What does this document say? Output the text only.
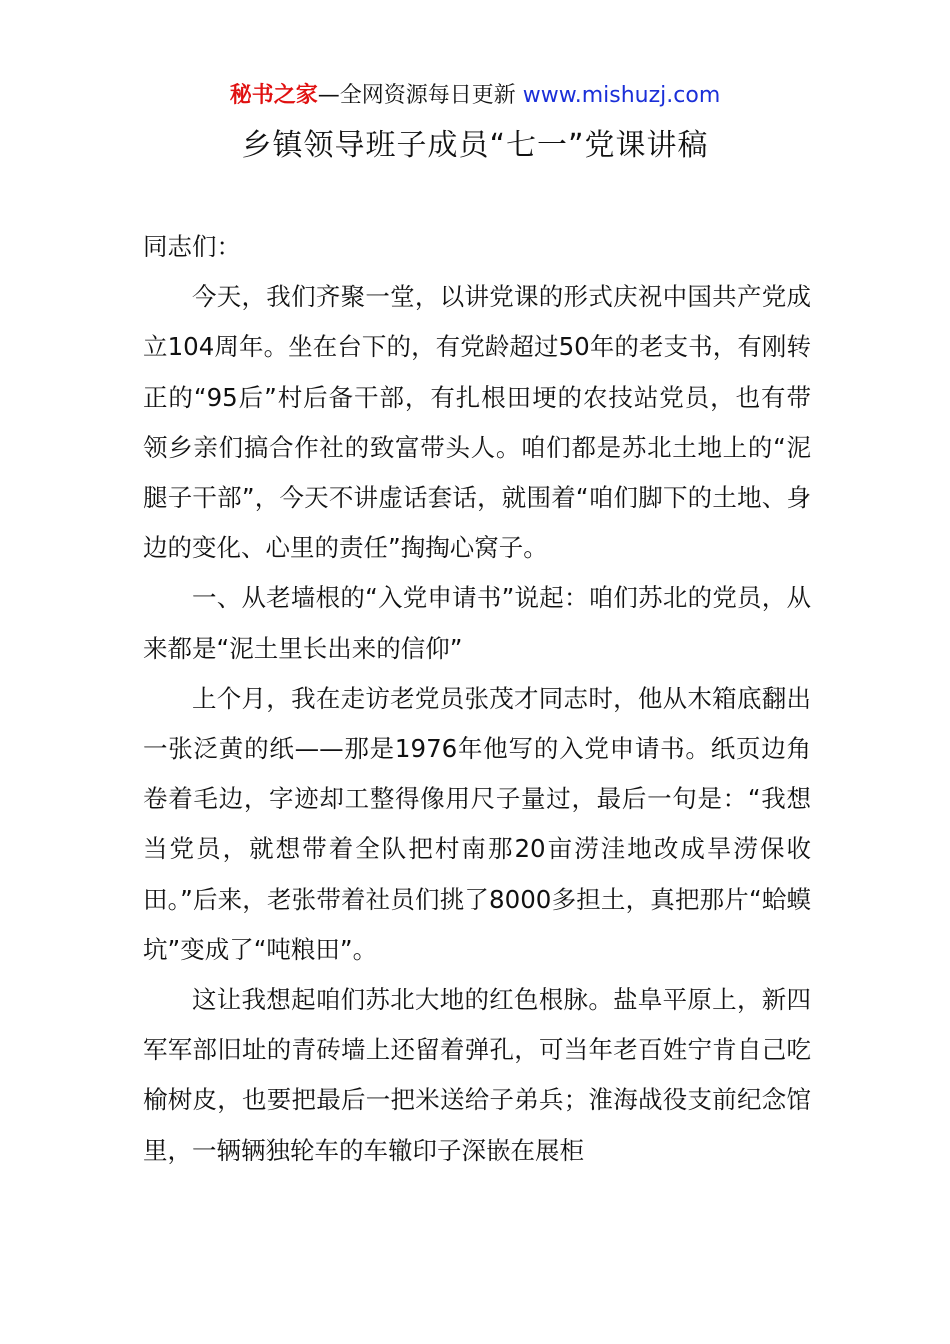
秘书之家—全网资源每日更新 www.mishuzj.com
乡镇领导班子成员“七一”党课讲稿

同志们：

今天，我们齐聚一堂，以讲党课的形式庆祝中国共产党成立104周年。坐在台下的，有党龄超过50年的老支书，有刚转正的“95后”村后备干部，有扎根田埂的农技站党员，也有带领乡亲们搞合作社的致富带头人。咱们都是苏北土地上的“泥腿子干部”，今天不讲虚话套话，就围着“咱们脚下的土地、身边的变化、心里的责任”掏掏心窝子。

一、从老墙根的“入党申请书”说起：咱们苏北的党员，从来都是“泥土里长出来的信仰”

上个月，我在走访老党员张茂才同志时，他从木箱底翻出一张泛黄的纸——那是1976年他写的入党申请书。纸页边角卷着毛边，字迹却工整得像用尺子量过，最后一句是：“我想当党员，就想带着全队把村南那20亩涝洼地改成旱涝保收田。”后来，老张带着社员们挑了8000多担土，真把那片“蛤蟆坑”变成了“吨粮田”。

这让我想起咱们苏北大地的红色根脉。盐阜平原上，新四军军部旧址的青砖墙上还留着弹孔，可当年老百姓宁肯自己吃榆树皮，也要把最后一把米送给子弟兵；淮海战役支前纪念馆里，一辆辆独轮车的车辙印子深嵌在展柜
